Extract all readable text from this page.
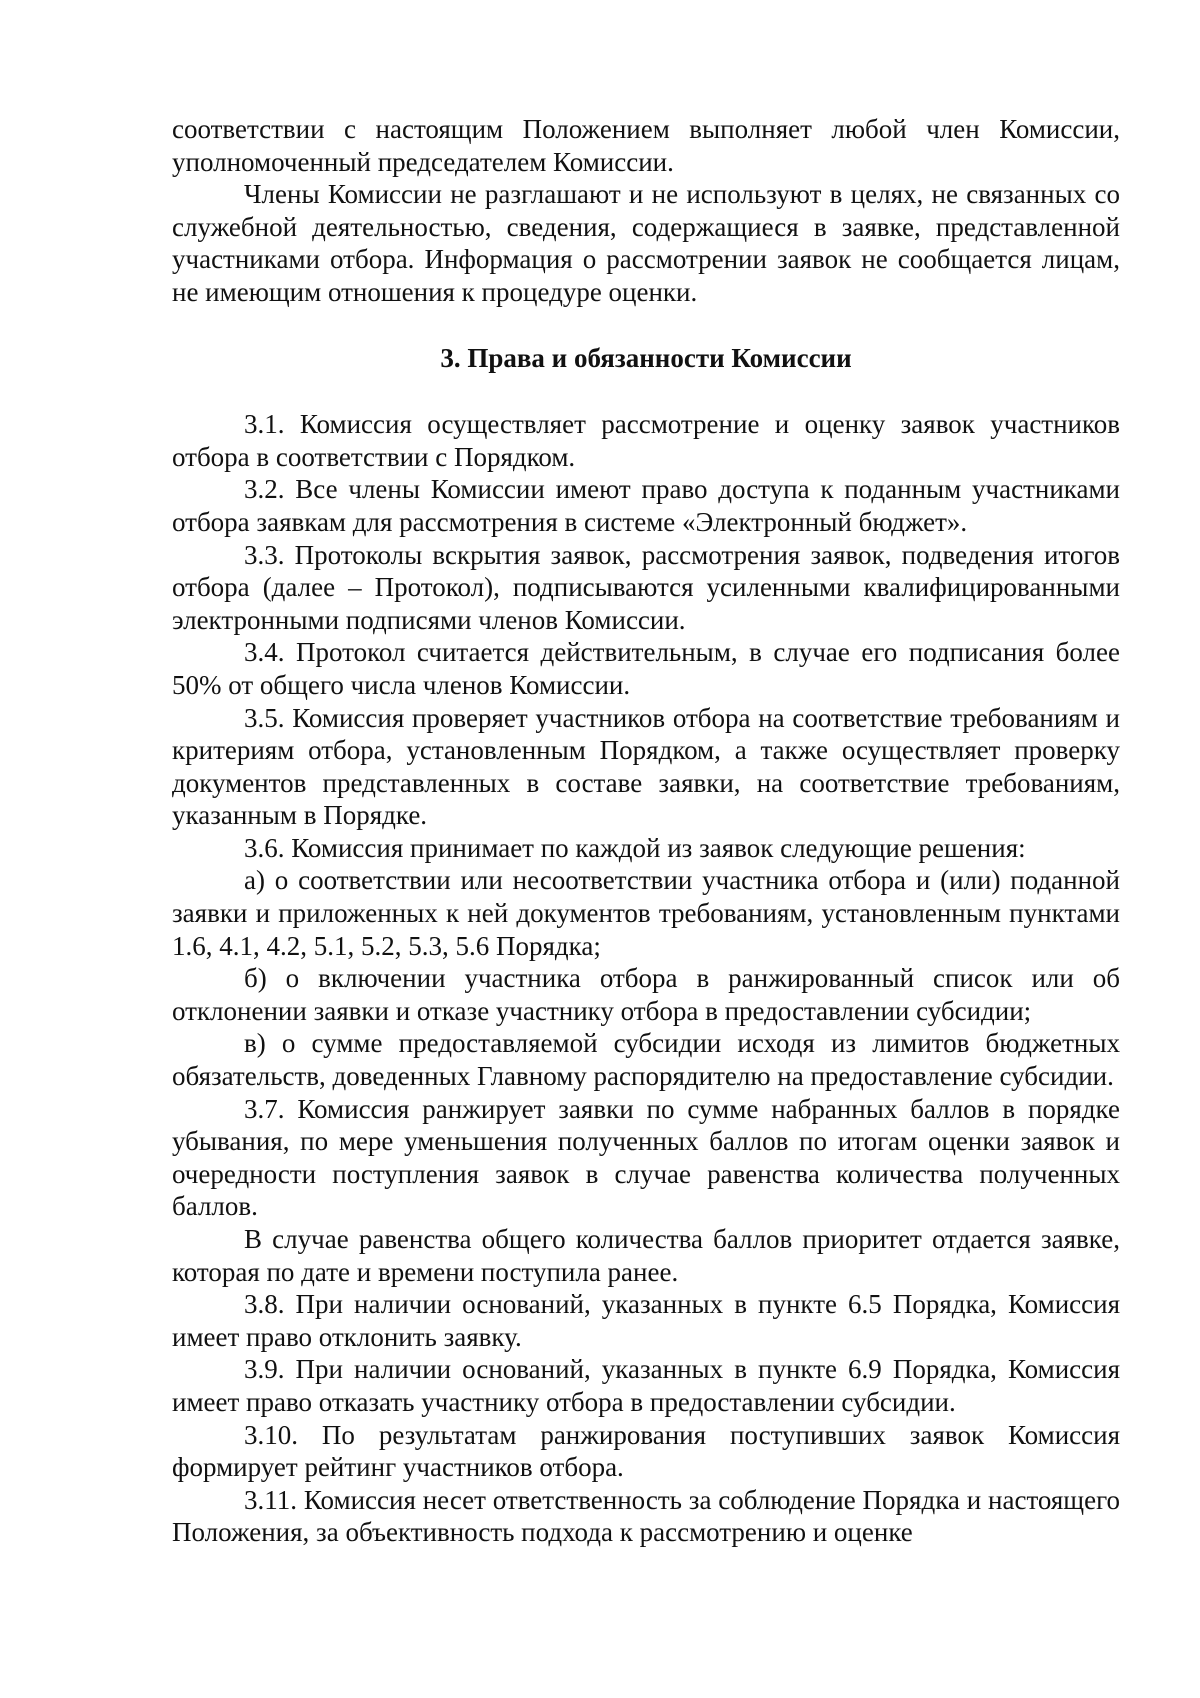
соответствии с настоящим Положением выполняет любой член Комиссии, уполномоченный председателем Комиссии.

Члены Комиссии не разглашают и не используют в целях, не связанных со служебной деятельностью, сведения, содержащиеся в заявке, представленной участниками отбора. Информация о рассмотрении заявок не сообщается лицам, не имеющим отношения к процедуре оценки.

3. Права и обязанности Комиссии

3.1. Комиссия осуществляет рассмотрение и оценку заявок участников отбора в соответствии с Порядком.

3.2. Все члены Комиссии имеют право доступа к поданным участниками отбора заявкам для рассмотрения в системе «Электронный бюджет».

3.3. Протоколы вскрытия заявок, рассмотрения заявок, подведения итогов отбора (далее – Протокол), подписываются усиленными квалифицированными электронными подписями членов Комиссии.

3.4. Протокол считается действительным, в случае его подписания более 50% от общего числа членов Комиссии.

3.5. Комиссия проверяет участников отбора на соответствие требованиям и критериям отбора, установленным Порядком, а также осуществляет проверку документов представленных в составе заявки, на соответствие требованиям, указанным в Порядке.

3.6. Комиссия принимает по каждой из заявок следующие решения:

а) о соответствии или несоответствии участника отбора и (или) поданной заявки и приложенных к ней документов требованиям, установленным пунктами 1.6, 4.1, 4.2, 5.1, 5.2, 5.3, 5.6 Порядка;

б) о включении участника отбора в ранжированный список или об отклонении заявки и отказе участнику отбора в предоставлении субсидии;

в) о сумме предоставляемой субсидии исходя из лимитов бюджетных обязательств, доведенных Главному распорядителю на предоставление субсидии.

3.7. Комиссия ранжирует заявки по сумме набранных баллов в порядке убывания, по мере уменьшения полученных баллов по итогам оценки заявок и очередности поступления заявок в случае равенства количества полученных баллов.

В случае равенства общего количества баллов приоритет отдается заявке, которая по дате и времени поступила ранее.

3.8. При наличии оснований, указанных в пункте 6.5 Порядка, Комиссия имеет право отклонить заявку.

3.9. При наличии оснований, указанных в пункте 6.9 Порядка, Комиссия имеет право отказать участнику отбора в предоставлении субсидии.

3.10. По результатам ранжирования поступивших заявок Комиссия формирует рейтинг участников отбора.

3.11. Комиссия несет ответственность за соблюдение Порядка и настоящего Положения, за объективность подхода к рассмотрению и оценке
